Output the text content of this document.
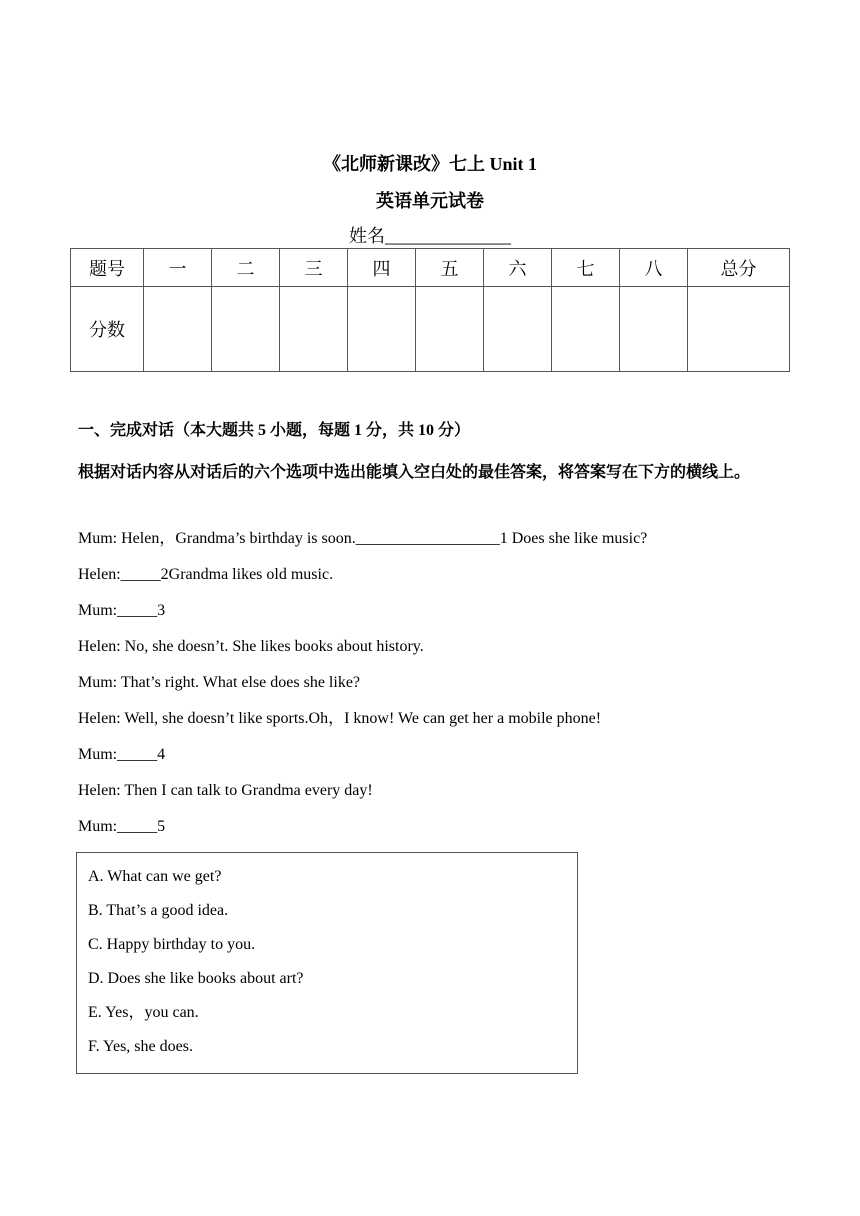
《北师新课改》七上 Unit 1
英语单元试卷
姓名______________
题号	一	二	三	四	五	六	七	八	总分
分数									
一、完成对话（本大题共 5 小题，每题 1 分，共 10 分）
根据对话内容从对话后的六个选项中选出能填入空白处的最佳答案，将答案写在下方的横线上。
Mum: Helen，Grandma’s birthday is soon.__________________1 Does she like music?
Helen:_____2Grandma likes old music.
Mum:_____3
Helen: No, she doesn’t. She likes books about history.
Mum: That’s right. What else does she like?
Helen: Well, she doesn’t like sports.Oh，I know! We can get her a mobile phone!
Mum:_____4
Helen: Then I can talk to Grandma every day!
Mum:_____5
A. What can we get?
B. That’s a good idea.
C. Happy birthday to you.
D. Does she like books about art?
E. Yes，you can.
F. Yes, she does.
